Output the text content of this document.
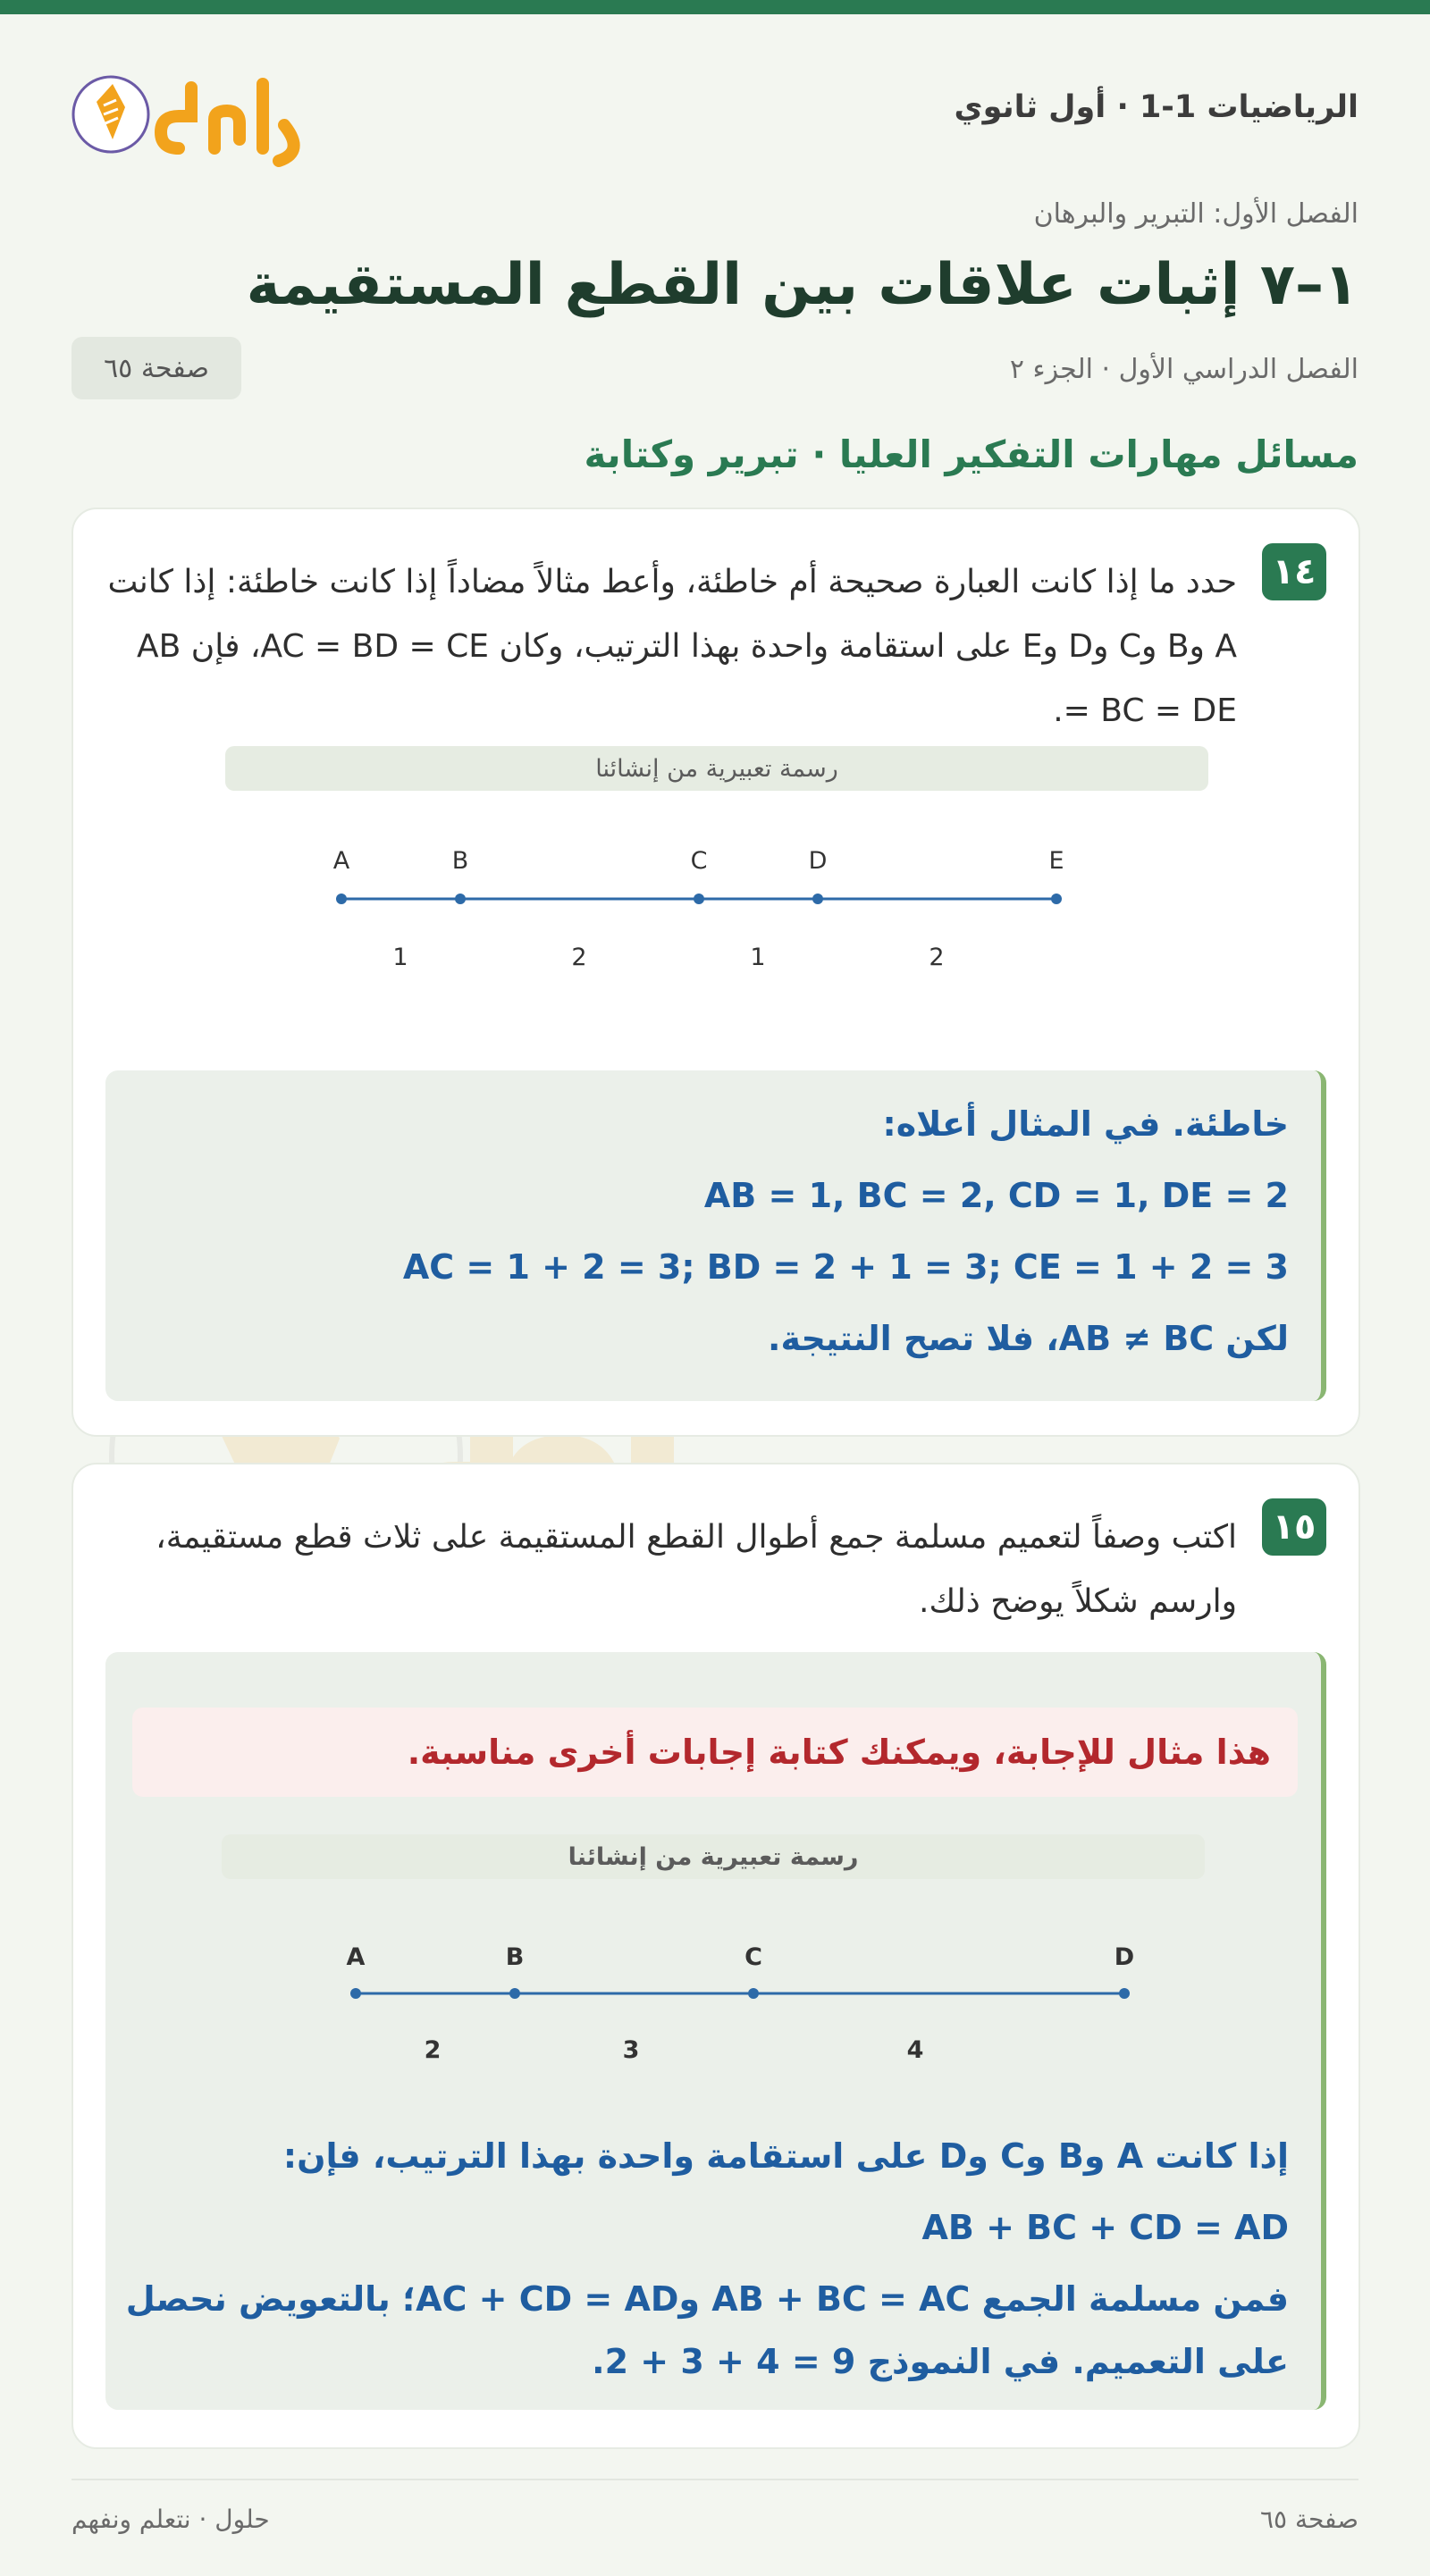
الرياضيات 1-1 · أول ثانوي
الفصل الأول: التبرير والبرهان
١–٧ إثبات علاقات بين القطع المستقيمة
الفصل الدراسي الأول · الجزء ٢
صفحة ٦٥
مسائل مهارات التفكير العليا · تبرير وكتابة
١٤
حدد ما إذا كانت العبارة صحيحة أم خاطئة، وأعط مثالاً مضاداً إذا كانت خاطئة: إذا كانت A وB وC وD وE على استقامة واحدة بهذا الترتيب، وكان AC = BD = CE، فإن AB = BC = DE.
رسمة تعبيرية من إنشائنا
A	B	C	D	E
1	2	1	2
خاطئة. في المثال أعلاه:
AB = 1, BC = 2, CD = 1, DE = 2
AC = 1 + 2 = 3; BD = 2 + 1 = 3; CE = 1 + 2 = 3
لكن AB ≠ BC، فلا تصح النتيجة.
١٥
اكتب وصفاً لتعميم مسلمة جمع أطوال القطع المستقيمة على ثلاث قطع مستقيمة، وارسم شكلاً يوضح ذلك.
هذا مثال للإجابة، ويمكنك كتابة إجابات أخرى مناسبة.
رسمة تعبيرية من إنشائنا
A	B	C	D
2	3	4
إذا كانت A وB وC وD على استقامة واحدة بهذا الترتيب، فإن:
AB + BC + CD = AD
فمن مسلمة الجمع AB + BC = AC وAC + CD = AD؛ بالتعويض نحصل
على التعميم. في النموذج 9 = 4 + 3 + 2.
صفحة ٦٥
حلول · نتعلم ونفهم
